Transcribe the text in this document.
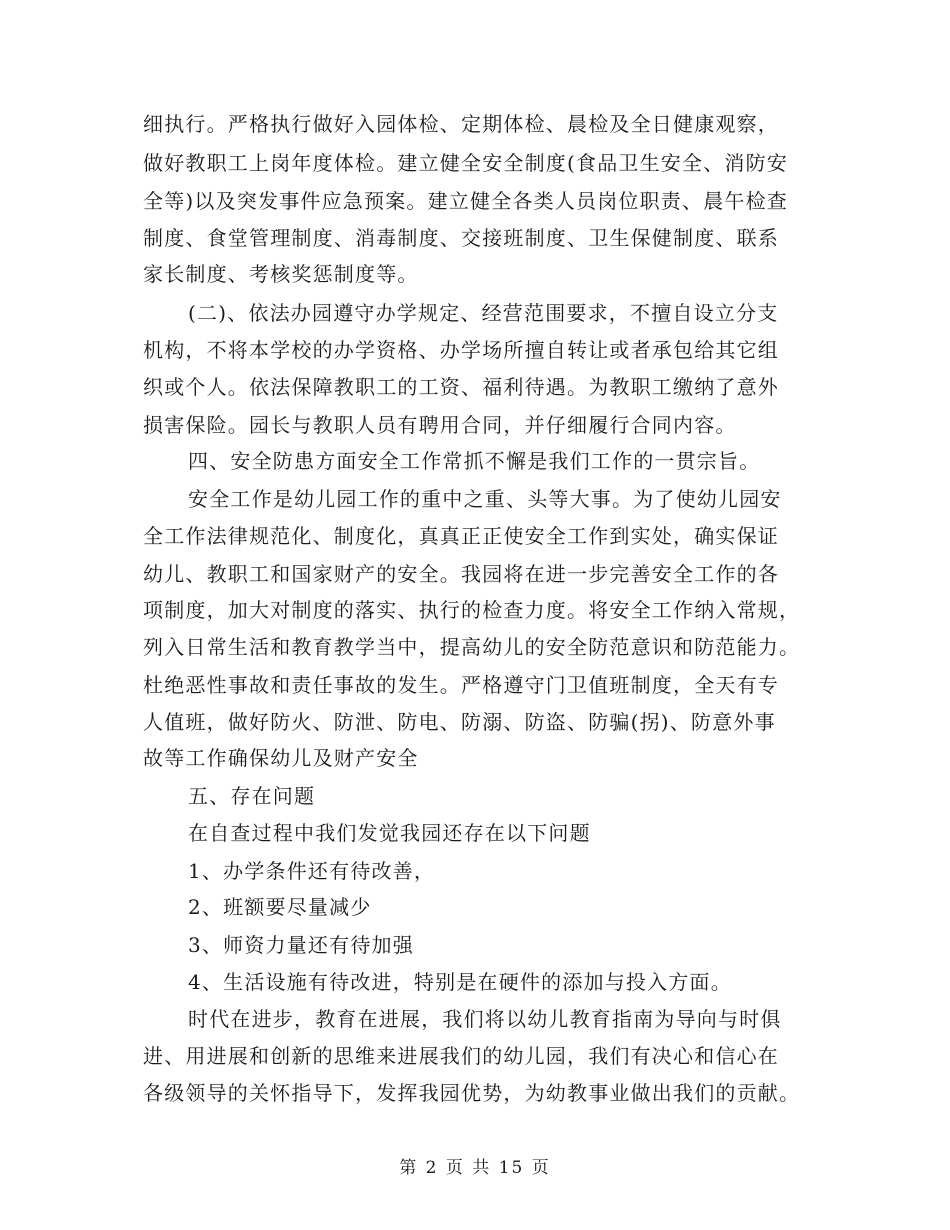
细执行。严格执行做好入园体检、定期体检、晨检及全日健康观察，
做好教职工上岗年度体检。建立健全安全制度(食品卫生安全、消防安
全等)以及突发事件应急预案。建立健全各类人员岗位职责、晨午检查
制度、食堂管理制度、消毒制度、交接班制度、卫生保健制度、联系
家长制度、考核奖惩制度等。
(二)、依法办园遵守办学规定、经营范围要求，不擅自设立分支
机构，不将本学校的办学资格、办学场所擅自转让或者承包给其它组
织或个人。依法保障教职工的工资、福利待遇。为教职工缴纳了意外
损害保险。园长与教职人员有聘用合同，并仔细履行合同内容。
四、安全防患方面安全工作常抓不懈是我们工作的一贯宗旨。
安全工作是幼儿园工作的重中之重、头等大事。为了使幼儿园安
全工作法律规范化、制度化，真真正正使安全工作到实处，确实保证
幼儿、教职工和国家财产的安全。我园将在进一步完善安全工作的各
项制度，加大对制度的落实、执行的检查力度。将安全工作纳入常规，
列入日常生活和教育教学当中，提高幼儿的安全防范意识和防范能力。
杜绝恶性事故和责任事故的发生。严格遵守门卫值班制度，全天有专
人值班，做好防火、防泄、防电、防溺、防盗、防骗(拐)、防意外事
故等工作确保幼儿及财产安全
五、存在问题
在自查过程中我们发觉我园还存在以下问题
1、办学条件还有待改善，
2、班额要尽量减少
3、师资力量还有待加强
4、生活设施有待改进，特别是在硬件的添加与投入方面。
时代在进步，教育在进展，我们将以幼儿教育指南为导向与时俱
进、用进展和创新的思维来进展我们的幼儿园，我们有决心和信心在
各级领导的关怀指导下，发挥我园优势，为幼教事业做出我们的贡献。
第 2 页 共 15 页
